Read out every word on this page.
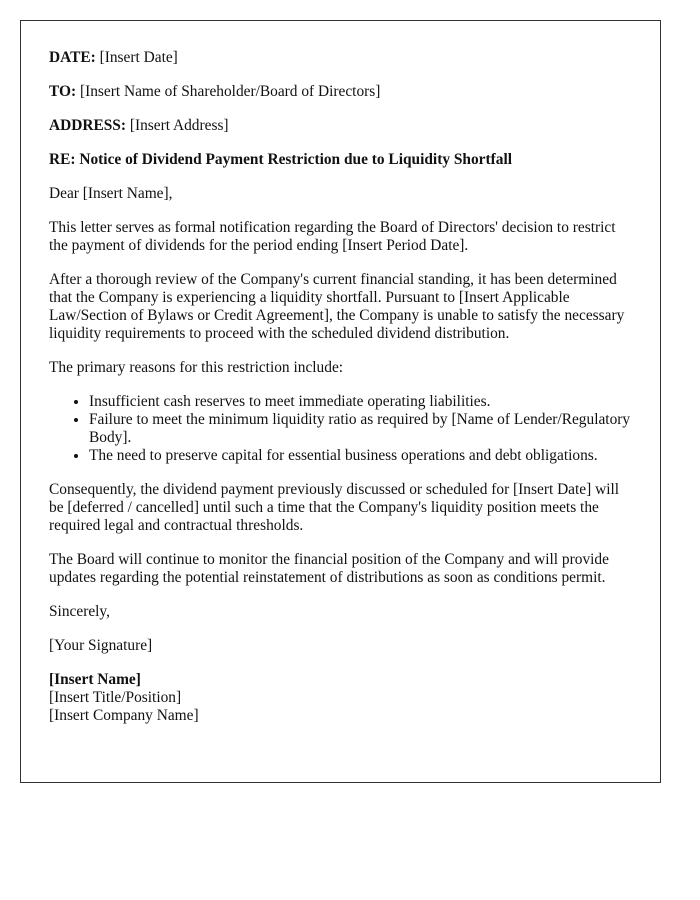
DATE: [Insert Date]

TO: [Insert Name of Shareholder/Board of Directors]

ADDRESS: [Insert Address]

RE: Notice of Dividend Payment Restriction due to Liquidity Shortfall

Dear [Insert Name],

This letter serves as formal notification regarding the Board of Directors' decision to restrict the payment of dividends for the period ending [Insert Period Date].

After a thorough review of the Company's current financial standing, it has been determined that the Company is experiencing a liquidity shortfall. Pursuant to [Insert Applicable Law/Section of Bylaws or Credit Agreement], the Company is unable to satisfy the necessary liquidity requirements to proceed with the scheduled dividend distribution.

The primary reasons for this restriction include:

• Insufficient cash reserves to meet immediate operating liabilities.
• Failure to meet the minimum liquidity ratio as required by [Name of Lender/Regulatory Body].
• The need to preserve capital for essential business operations and debt obligations.

Consequently, the dividend payment previously discussed or scheduled for [Insert Date] will be [deferred / cancelled] until such a time that the Company's liquidity position meets the required legal and contractual thresholds.

The Board will continue to monitor the financial position of the Company and will provide updates regarding the potential reinstatement of distributions as soon as conditions permit.

Sincerely,

[Your Signature]

[Insert Name]

[Insert Title/Position]

[Insert Company Name]
